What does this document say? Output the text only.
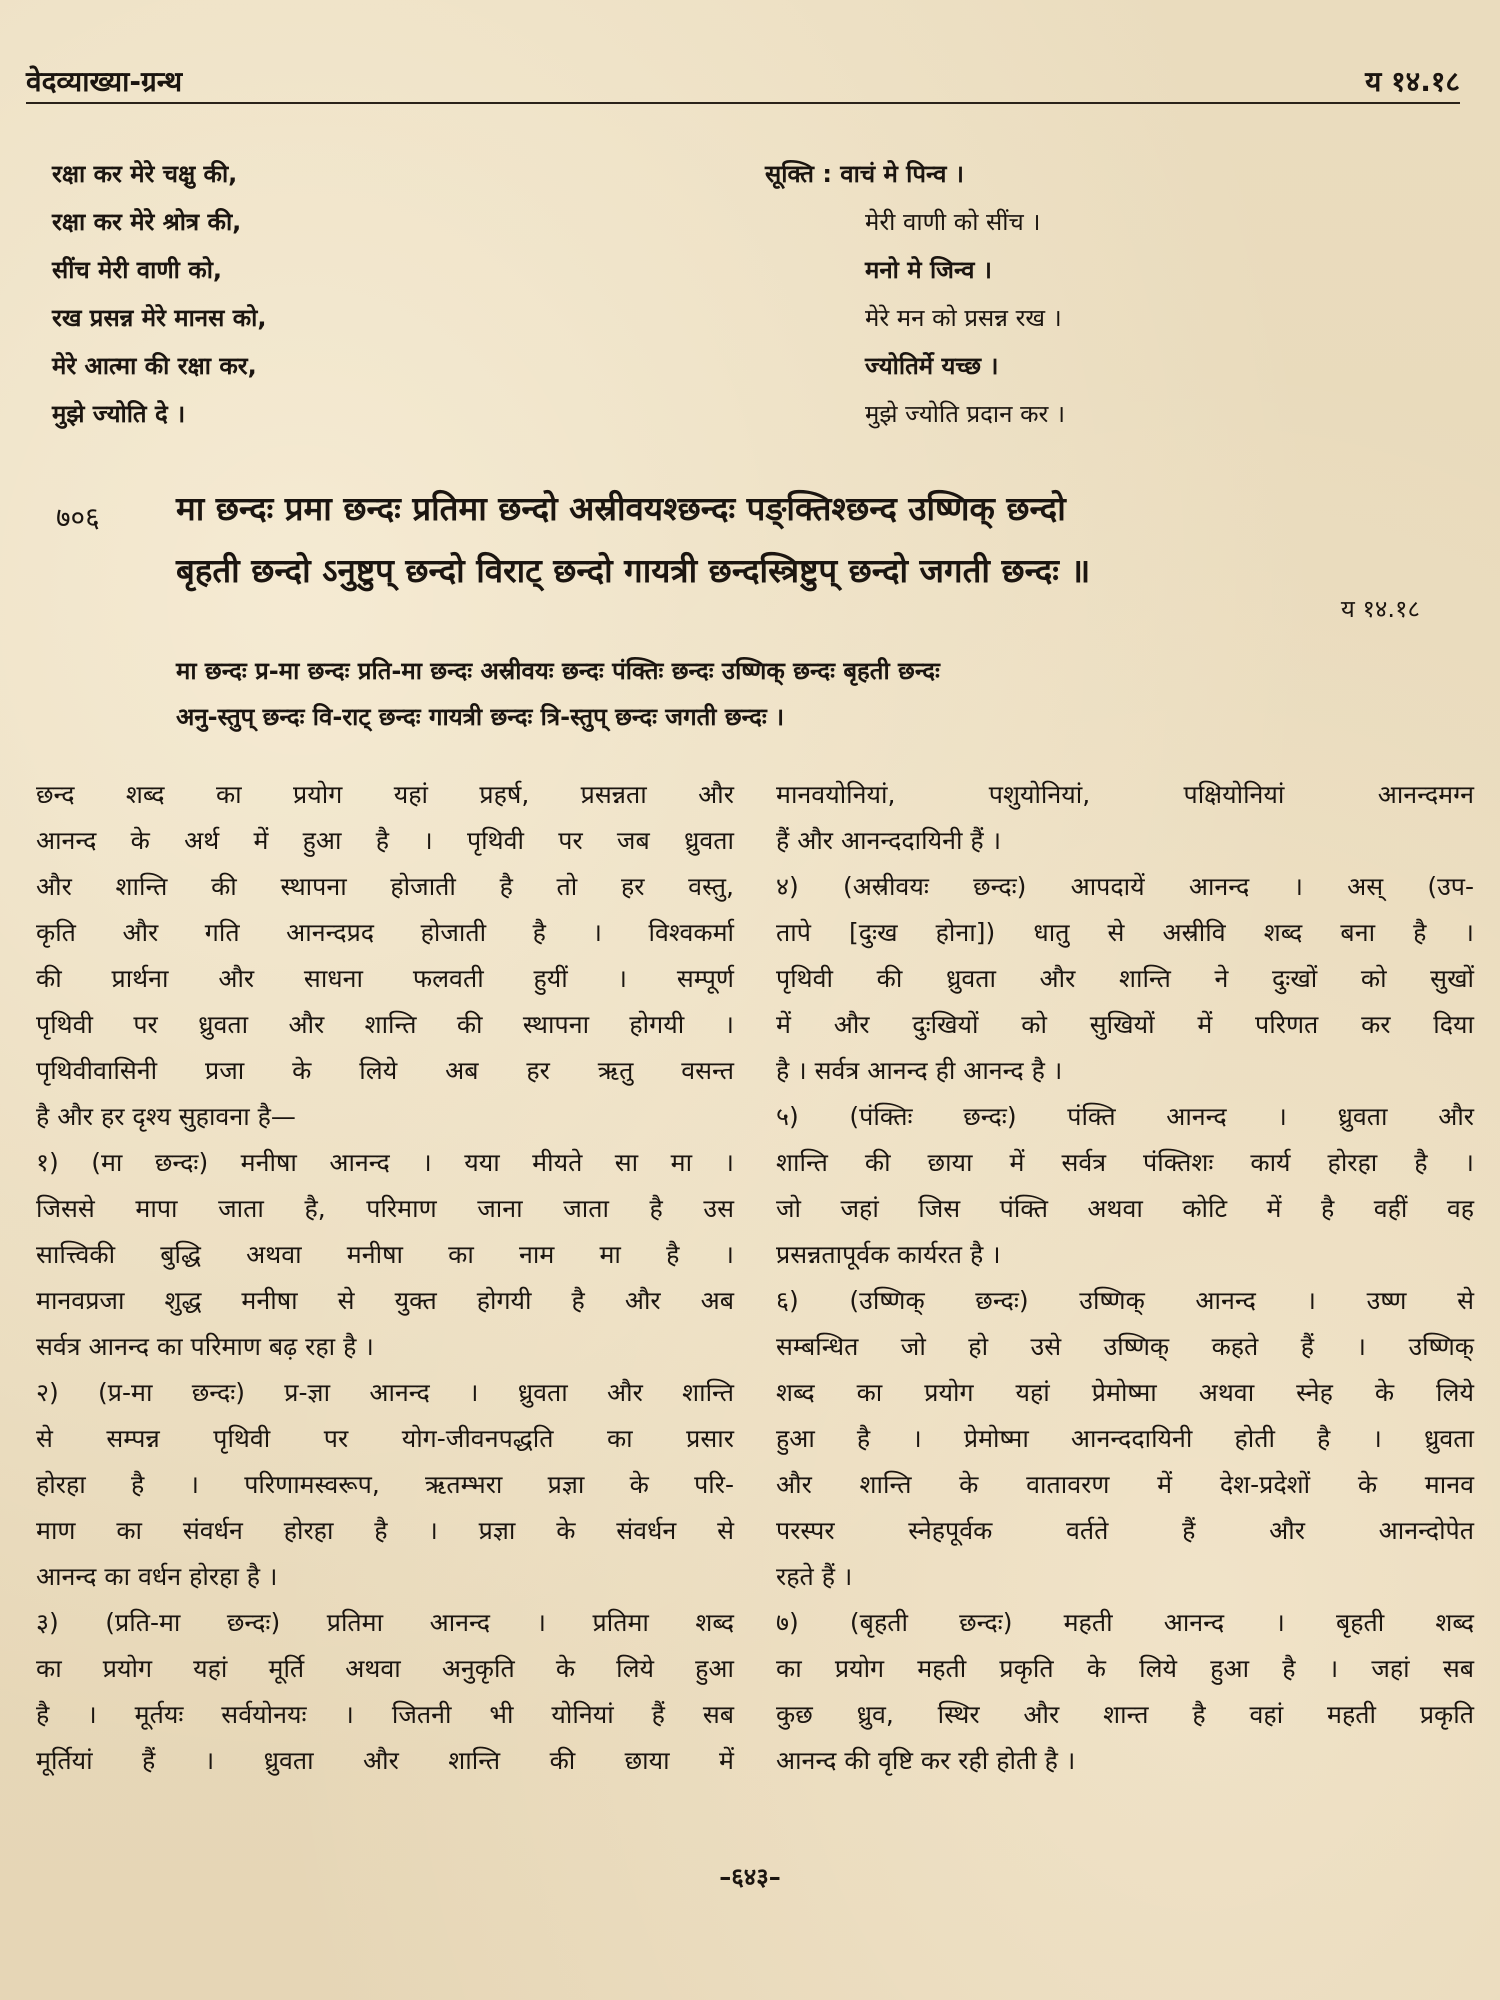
वेदव्याख्या-ग्रन्थ	य १४.१८
रक्षा कर मेरे चक्षु की,
रक्षा कर मेरे श्रोत्र की,
सींच मेरी वाणी को,
रख प्रसन्न मेरे मानस को,
मेरे आत्मा की रक्षा कर,
मुझे ज्योति दे ।
सूक्ति : वाचं मे पिन्व ।
मेरी वाणी को सींच ।
मनो मे जिन्व ।
मेरे मन को प्रसन्न रख ।
ज्योतिर्मे यच्छ ।
मुझे ज्योति प्रदान कर ।
७०६ मा छन्दः प्रमा छन्दः प्रतिमा छन्दो अस्रीवयश्छन्दः पङ्क्तिश्छन्द उष्णिक् छन्दो
बृहती छन्दो ऽनुष्टुप् छन्दो विराट् छन्दो गायत्री छन्दस्त्रिष्टुप् छन्दो जगती छन्दः ॥
य १४.१८
मा छन्दः प्र-मा छन्दः प्रति-मा छन्दः अस्रीवयः छन्दः पंक्तिः छन्दः उष्णिक् छन्दः बृहती छन्दः
अनु-स्तुप् छन्दः वि-राट् छन्दः गायत्री छन्दः त्रि-स्तुप् छन्दः जगती छन्दः ।
छन्द शब्द का प्रयोग यहां प्रहर्ष, प्रसन्नता और
आनन्द के अर्थ में हुआ है । पृथिवी पर जब ध्रुवता
और शान्ति की स्थापना होजाती है तो हर वस्तु,
कृति और गति आनन्दप्रद होजाती है । विश्वकर्मा
की प्रार्थना और साधना फलवती हुयीं । सम्पूर्ण
पृथिवी पर ध्रुवता और शान्ति की स्थापना होगयी ।
पृथिवीवासिनी प्रजा के लिये अब हर ऋतु वसन्त
है और हर दृश्य सुहावना है—
१) (मा छन्दः) मनीषा आनन्द । यया मीयते सा मा ।
जिससे मापा जाता है, परिमाण जाना जाता है उस
सात्त्विकी बुद्धि अथवा मनीषा का नाम मा है ।
मानवप्रजा शुद्ध मनीषा से युक्त होगयी है और अब
सर्वत्र आनन्द का परिमाण बढ़ रहा है ।
२) (प्र-मा छन्दः) प्र-ज्ञा आनन्द । ध्रुवता और शान्ति
से सम्पन्न पृथिवी पर योग-जीवनपद्धति का प्रसार
होरहा है । परिणामस्वरूप, ऋतम्भरा प्रज्ञा के परि-
माण का संवर्धन होरहा है । प्रज्ञा के संवर्धन से
आनन्द का वर्धन होरहा है ।
३) (प्रति-मा छन्दः) प्रतिमा आनन्द । प्रतिमा शब्द
का प्रयोग यहां मूर्ति अथवा अनुकृति के लिये हुआ
है । मूर्तयः सर्वयोनयः । जितनी भी योनियां हैं सब
मूर्तियां हैं । ध्रुवता और शान्ति की छाया में
मानवयोनियां, पशुयोनियां, पक्षियोनियां आनन्दमग्न
हैं और आनन्ददायिनी हैं ।
४) (अस्रीवयः छन्दः) आपदायें आनन्द । अस् (उप-
तापे [दुःख होना]) धातु से अस्रीवि शब्द बना है ।
पृथिवी की ध्रुवता और शान्ति ने दुःखों को सुखों
में और दुःखियों को सुखियों में परिणत कर दिया
है । सर्वत्र आनन्द ही आनन्द है ।
५) (पंक्तिः छन्दः) पंक्ति आनन्द । ध्रुवता और
शान्ति की छाया में सर्वत्र पंक्तिशः कार्य होरहा है ।
जो जहां जिस पंक्ति अथवा कोटि में है वहीं वह
प्रसन्नतापूर्वक कार्यरत है ।
६) (उष्णिक् छन्दः) उष्णिक् आनन्द । उष्ण से
सम्बन्धित जो हो उसे उष्णिक् कहते हैं । उष्णिक्
शब्द का प्रयोग यहां प्रेमोष्मा अथवा स्नेह के लिये
हुआ है । प्रेमोष्मा आनन्ददायिनी होती है । ध्रुवता
और शान्ति के वातावरण में देश-प्रदेशों के मानव
परस्पर स्नेहपूर्वक वर्तते हैं और आनन्दोपेत
रहते हैं ।
७) (बृहती छन्दः) महती आनन्द । बृहती शब्द
का प्रयोग महती प्रकृति के लिये हुआ है । जहां सब
कुछ ध्रुव, स्थिर और शान्त है वहां महती प्रकृति
आनन्द की वृष्टि कर रही होती है ।
–६४३–
